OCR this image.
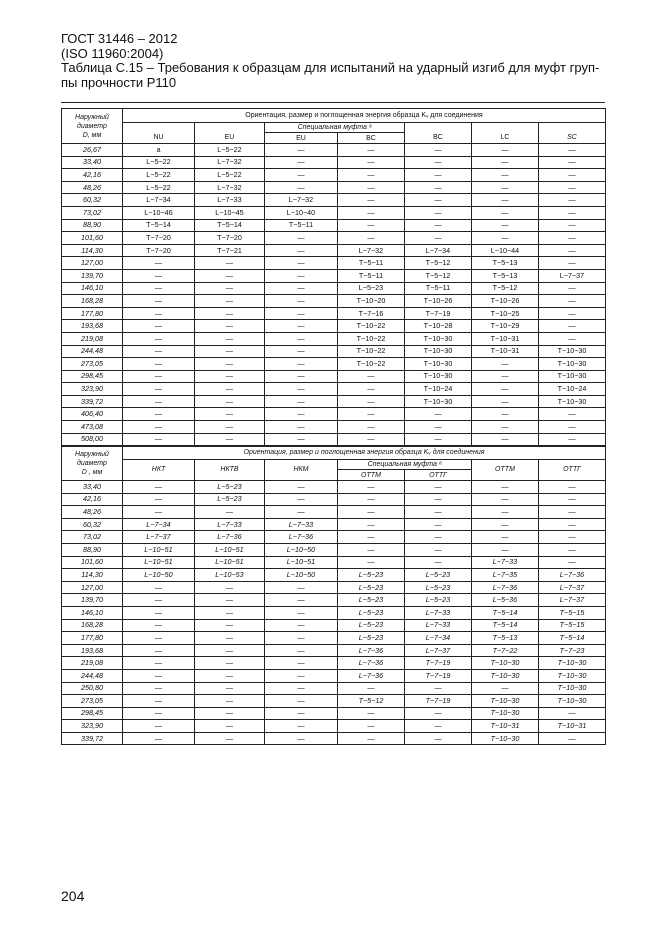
ГОСТ 31446 – 2012
(ISO 11960:2004)
Таблица С.15 – Требования к образцам для испытаний на ударный изгиб для муфт груп-
пы прочности Р110
Наружный
диаметр
D, мм	Ориентация, размер и поглощенная энергия образца Kᵥ для соединения						
	NU	EU	Специальная муфта ᵃ		BC	LC	SC
			EU	BC			
26,67	a	L−5−22	—	—	—	—	—
33,40	L−5−22	L−7−32	—	—	—	—	—
42,16	L−5−22	L−5−22	—	—	—	—	—
48,26	L−5−22	L−7−32	—	—	—	—	—
60,32	L−7−34	L−7−33	L−7−32	—	—	—	—
73,02	L−10−46	L−10−45	L−10−40	—	—	—	—
88,90	T−5−14	T−5−14	T−5−11	—	—	—	—
101,60	T−7−20	T−7−20	—	—	—	—	—
114,30	T−7−20	T−7−21	—	L−7−32	L−7−34	L−10−44	—
127,00	—	—	—	T−5−11	T−5−12	T−5−13	—
139,70	—	—	—	T−5−11	T−5−12	T−5−13	L−7−37
146,10	—	—	—	L−5−23	T−5−11	T−5−12	—
168,28	—	—	—	T−10−20	T−10−26	T−10−26	—
177,80	—	—	—	T−7−16	T−7−19	T−10−25	—
193,68	—	—	—	T−10−22	T−10−28	T−10−29	—
219,08	—	—	—	T−10−22	T−10−30	T−10−31	—
244,48	—	—	—	T−10−22	T−10−30	T−10−31	T−10−30
273,05	—	—	—	T−10−22	T−10−30	—	T−10−30
298,45	—	—	—	—	T−10−30	—	T−10−30
323,90	—	—	—	—	T−10−24	—	T−10−24
339,72	—	—	—	—	T−10−30	—	T−10−30
406,40	—	—	—	—	—	—	—
473,08	—	—	—	—	—	—	—
508,00	—	—	—	—	—	—	—
Наружный
диаметр
D , мм	Ориентация, размер и поглощенная энергия образца Kᵥ для соединения						
	НКТ	НКТВ	НКМ	Специальная муфта ᵃ		ОТТМ	ОТТГ
				ОТТМ	ОТТГ		
33,40	—	L−5−23	—	—	—	—	—
42,16	—	L−5−23	—	—	—	—	—
48,26	—	—	—	—	—	—	—
60,32	L−7−34	L−7−33	L−7−33	—	—	—	—
73,02	L−7−37	L−7−36	L−7−36	—	—	—	—
88,90	L−10−51	L−10−51	L−10−50	—	—	—	—
101,60	L−10−51	L−10−51	L−10−51	—	—	L−7−33	—
114,30	L−10−50	L−10−53	L−10−50	L−5−23	L−5−23	L−7−35	L−7−36
127,00	—	—	—	L−5−23	L−5−23	L−7−36	L−7−37
139,70	—	—	—	L−5−23	L−5−23	L−5−36	L−7−37
146,10	—	—	—	L−5−23	L−7−33	T−5−14	T−5−15
168,28	—	—	—	L−5−23	L−7−33	T−5−14	T−5−15
177,80	—	—	—	L−5−23	L−7−34	T−5−13	T−5−14
193,68	—	—	—	L−7−36	L−7−37	T−7−22	T−7−23
219,08	—	—	—	L−7−36	T−7−19	T−10−30	T−10−30
244,48	—	—	—	L−7−36	T−7−19	T−10−30	T−10−30
250,80	—	—	—	—	—	—	T−10−30
273,05	—	—	—	T−5−12	T−7−19	T−10−30	T−10−30
298,45	—	—	—	—	—	T−10−30	—
323,90	—	—	—	—	—	T−10−31	T−10−31
339,72	—	—	—	—	—	T−10−30	—
204
